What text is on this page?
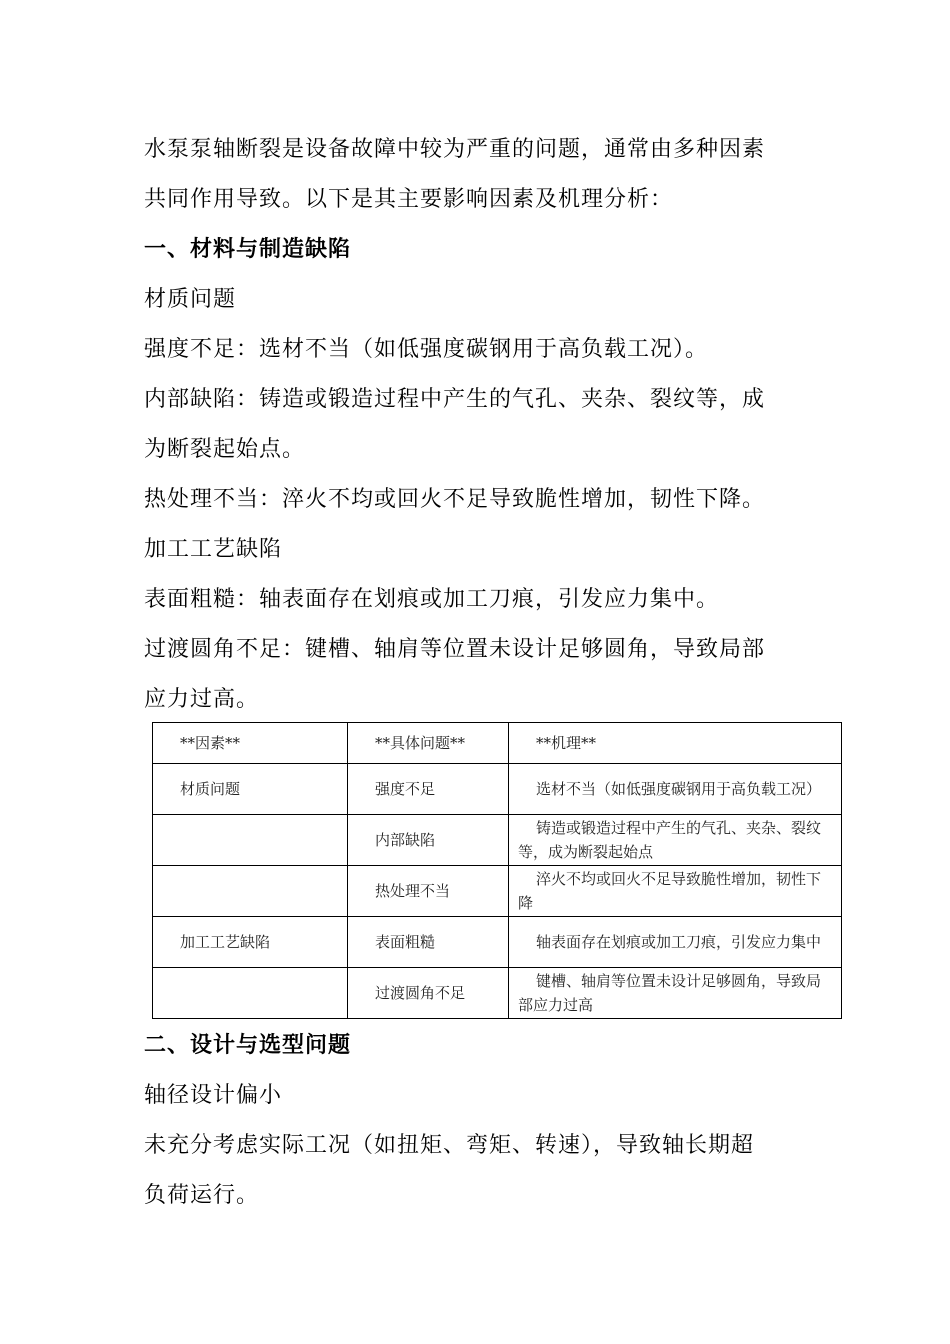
水泵泵轴断裂是设备故障中较为严重的问题，通常由多种因素
共同作用导致。以下是其主要影响因素及机理分析：
一、材料与制造缺陷
材质问题
强度不足：选材不当（如低强度碳钢用于高负载工况）。
内部缺陷：铸造或锻造过程中产生的气孔、夹杂、裂纹等，成
为断裂起始点。
热处理不当：淬火不均或回火不足导致脆性增加，韧性下降。
加工工艺缺陷
表面粗糙：轴表面存在划痕或加工刀痕，引发应力集中。
过渡圆角不足：键槽、轴肩等位置未设计足够圆角，导致局部
应力过高。
**因素**	**具体问题**	**机理**

材质问题	强度不足	选材不当（如低强度碳钢用于高负载工况）

	内部缺陷	铸造或锻造过程中产生的气孔、夹杂、裂纹等，成为断裂起始点

	热处理不当	淬火不均或回火不足导致脆性增加，韧性下降

加工工艺缺陷	表面粗糙	轴表面存在划痕或加工刀痕，引发应力集中

	过渡圆角不足	键槽、轴肩等位置未设计足够圆角，导致局部应力过高
二、设计与选型问题
轴径设计偏小
未充分考虑实际工况（如扭矩、弯矩、转速），导致轴长期超
负荷运行。
